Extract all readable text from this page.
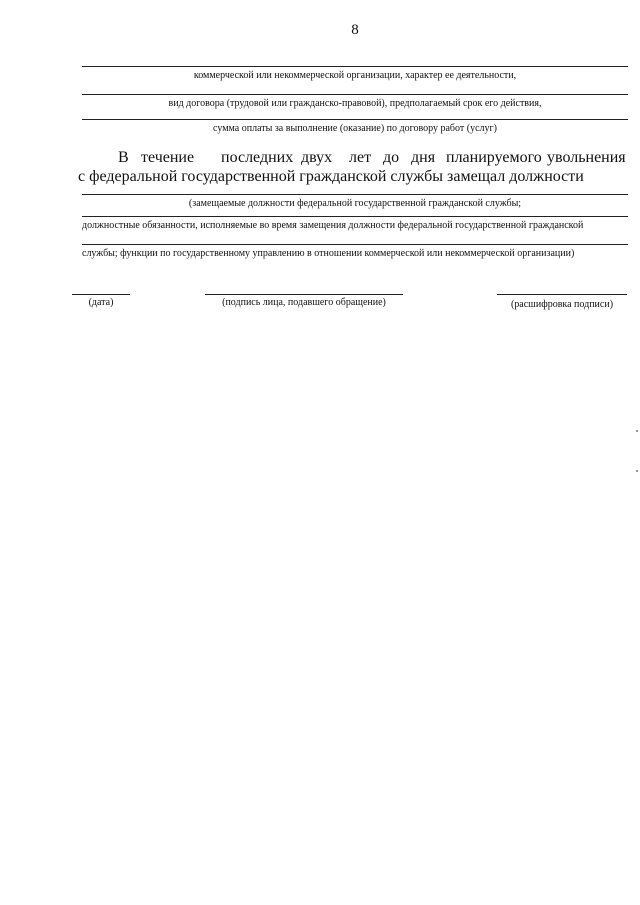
8
коммерческой или некоммерческой организации, характер ее деятельности,
вид договора (трудовой или гражданско-правовой), предполагаемый срок его действия,
сумма оплаты за выполнение (оказание) по договору работ (услуг)
В течение последних двух лет до дня планируемого увольнения
с федеральной государственной гражданской службы замещал должности
(замещаемые должности федеральной государственной гражданской службы;
должностные обязанности, исполняемые во время замещения должности федеральной государственной гражданской
службы; функции по государственному управлению в отношении коммерческой или некоммерческой организации)
(дата)	(подпись лица, подавшего обращение)	(расшифровка подписи)
